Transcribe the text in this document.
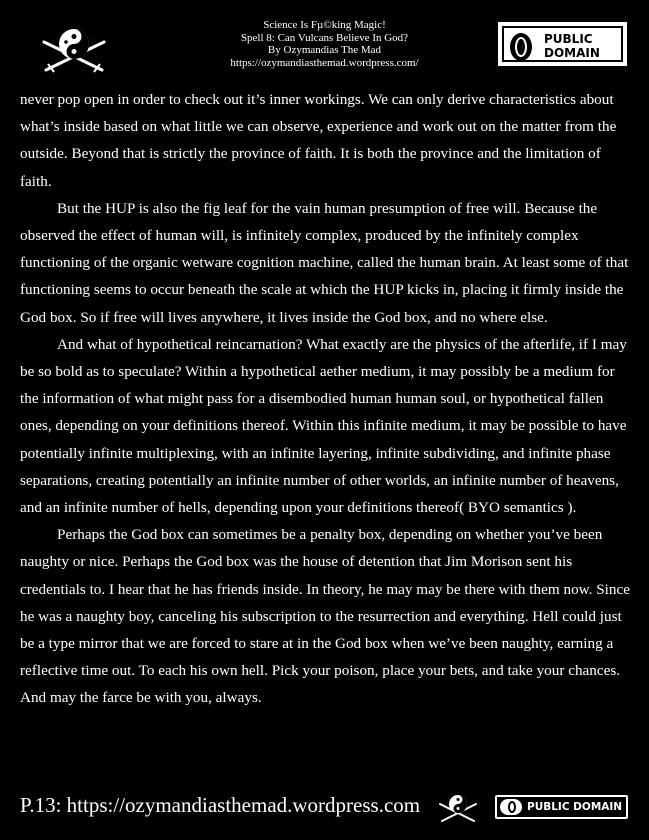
Science Is Fµ©king Magic!
Spell 8: Can Vulcans Believe In God?
By Ozymandias The Mad
https://ozymandiasthemad.wordpress.com/
PUBLIC
DOMAIN

never pop open in order to check out it’s inner workings. We can only derive characteristics about what’s inside based on what little we can observe, experience and work out on the matter from the outside. Beyond that is strictly the province of faith. It is both the province and the limitation of faith.

But the HUP is also the fig leaf for the vain human presumption of free will. Because the observed the effect of human will, is infinitely complex, produced by the infinitely complex functioning of the organic wetware cognition machine, called the human brain. At least some of that functioning seems to occur beneath the scale at which the HUP kicks in, placing it firmly inside the God box. So if free will lives anywhere, it lives inside the God box, and no where else.

And what of hypothetical reincarnation? What exactly are the physics of the afterlife, if I may be so bold as to speculate? Within a hypothetical aether medium, it may possibly be a medium for the information of what might pass for a disembodied human human soul, or hypothetical fallen ones, depending on your definitions thereof. Within this infinite medium, it may be possible to have potentially infinite multiplexing, with an infinite layering, infinite subdividing, and infinite phase separations, creating potentially an infinite number of other worlds, an infinite number of heavens, and an infinite number of hells, depending upon your definitions thereof( BYO semantics ).

Perhaps the God box can sometimes be a penalty box, depending on whether you’ve been naughty or nice. Perhaps the God box was the house of detention that Jim Morison sent his credentials to. I hear that he has friends inside. In theory, he may may be there with them now. Since he was a naughty boy, canceling his subscription to the resurrection and everything. Hell could just be a type mirror that we are forced to stare at in the God box when we’ve been naughty, earning a reflective time out. To each his own hell. Pick your poison, place your bets, and take your chances. And may the farce be with you, always.

P.13: https://ozymandiasthemad.wordpress.com	PUBLIC DOMAIN
